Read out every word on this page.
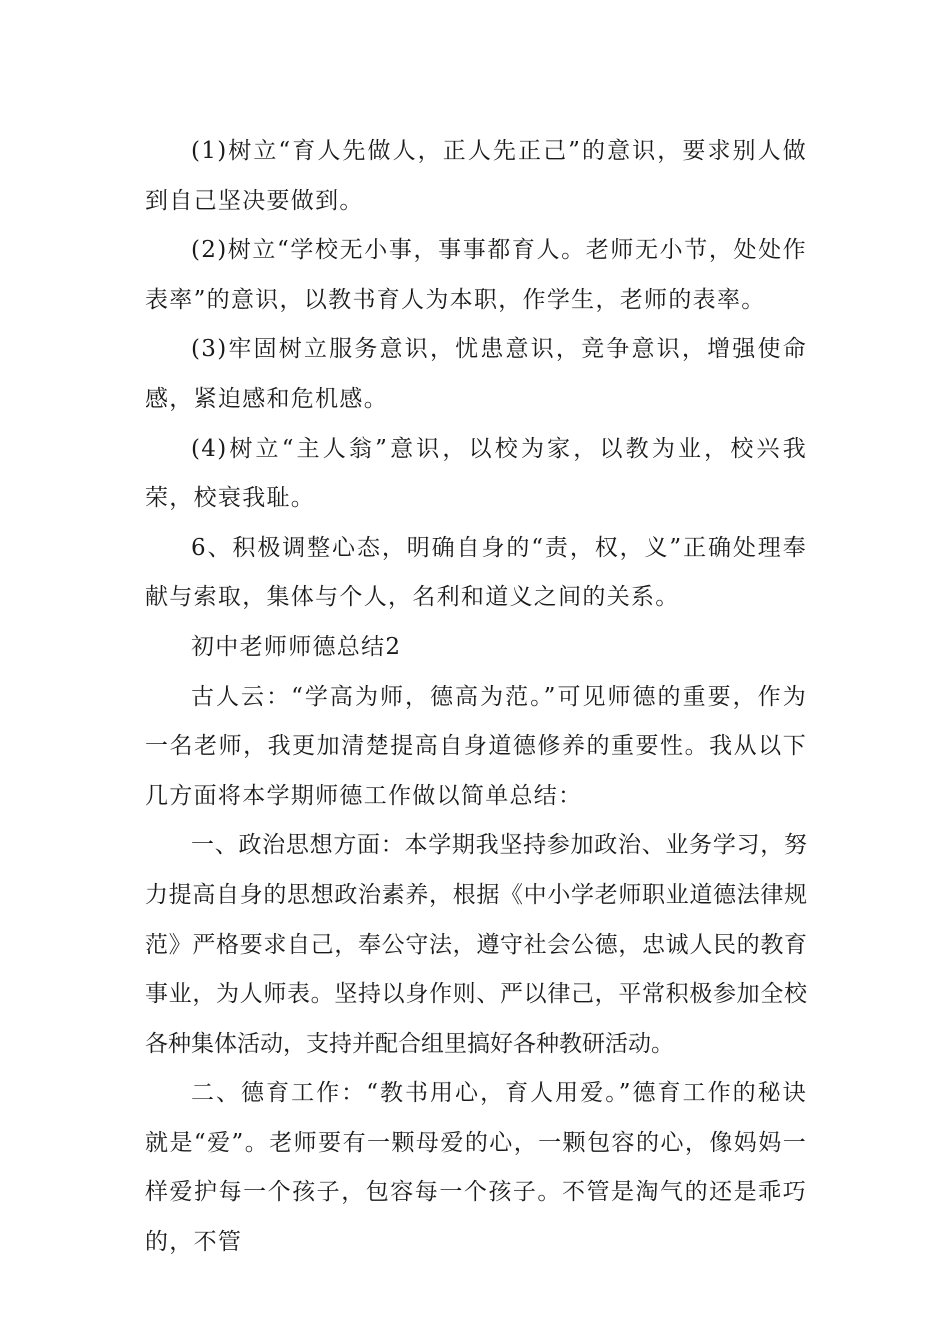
(1)树立“育人先做人，正人先正己”的意识，要求别人做到自己坚决要做到。

(2)树立“学校无小事，事事都育人。老师无小节，处处作表率”的意识，以教书育人为本职，作学生，老师的表率。

(3)牢固树立服务意识，忧患意识，竞争意识，增强使命感，紧迫感和危机感。

(4)树立“主人翁”意识，以校为家，以教为业，校兴我荣，校衰我耻。

6、积极调整心态，明确自身的“责，权，义”正确处理奉献与索取，集体与个人，名利和道义之间的关系。

初中老师师德总结2

古人云：“学高为师，德高为范。”可见师德的重要，作为一名老师，我更加清楚提高自身道德修养的重要性。我从以下几方面将本学期师德工作做以简单总结：

一、政治思想方面：本学期我坚持参加政治、业务学习，努力提高自身的思想政治素养，根据《中小学老师职业道德法律规范》严格要求自己，奉公守法，遵守社会公德，忠诚人民的教育事业，为人师表。坚持以身作则、严以律己，平常积极参加全校各种集体活动，支持并配合组里搞好各种教研活动。

二、德育工作：“教书用心，育人用爱。”德育工作的秘诀就是“爱”。老师要有一颗母爱的心，一颗包容的心，像妈妈一样爱护每一个孩子，包容每一个孩子。不管是淘气的还是乖巧的，不管
